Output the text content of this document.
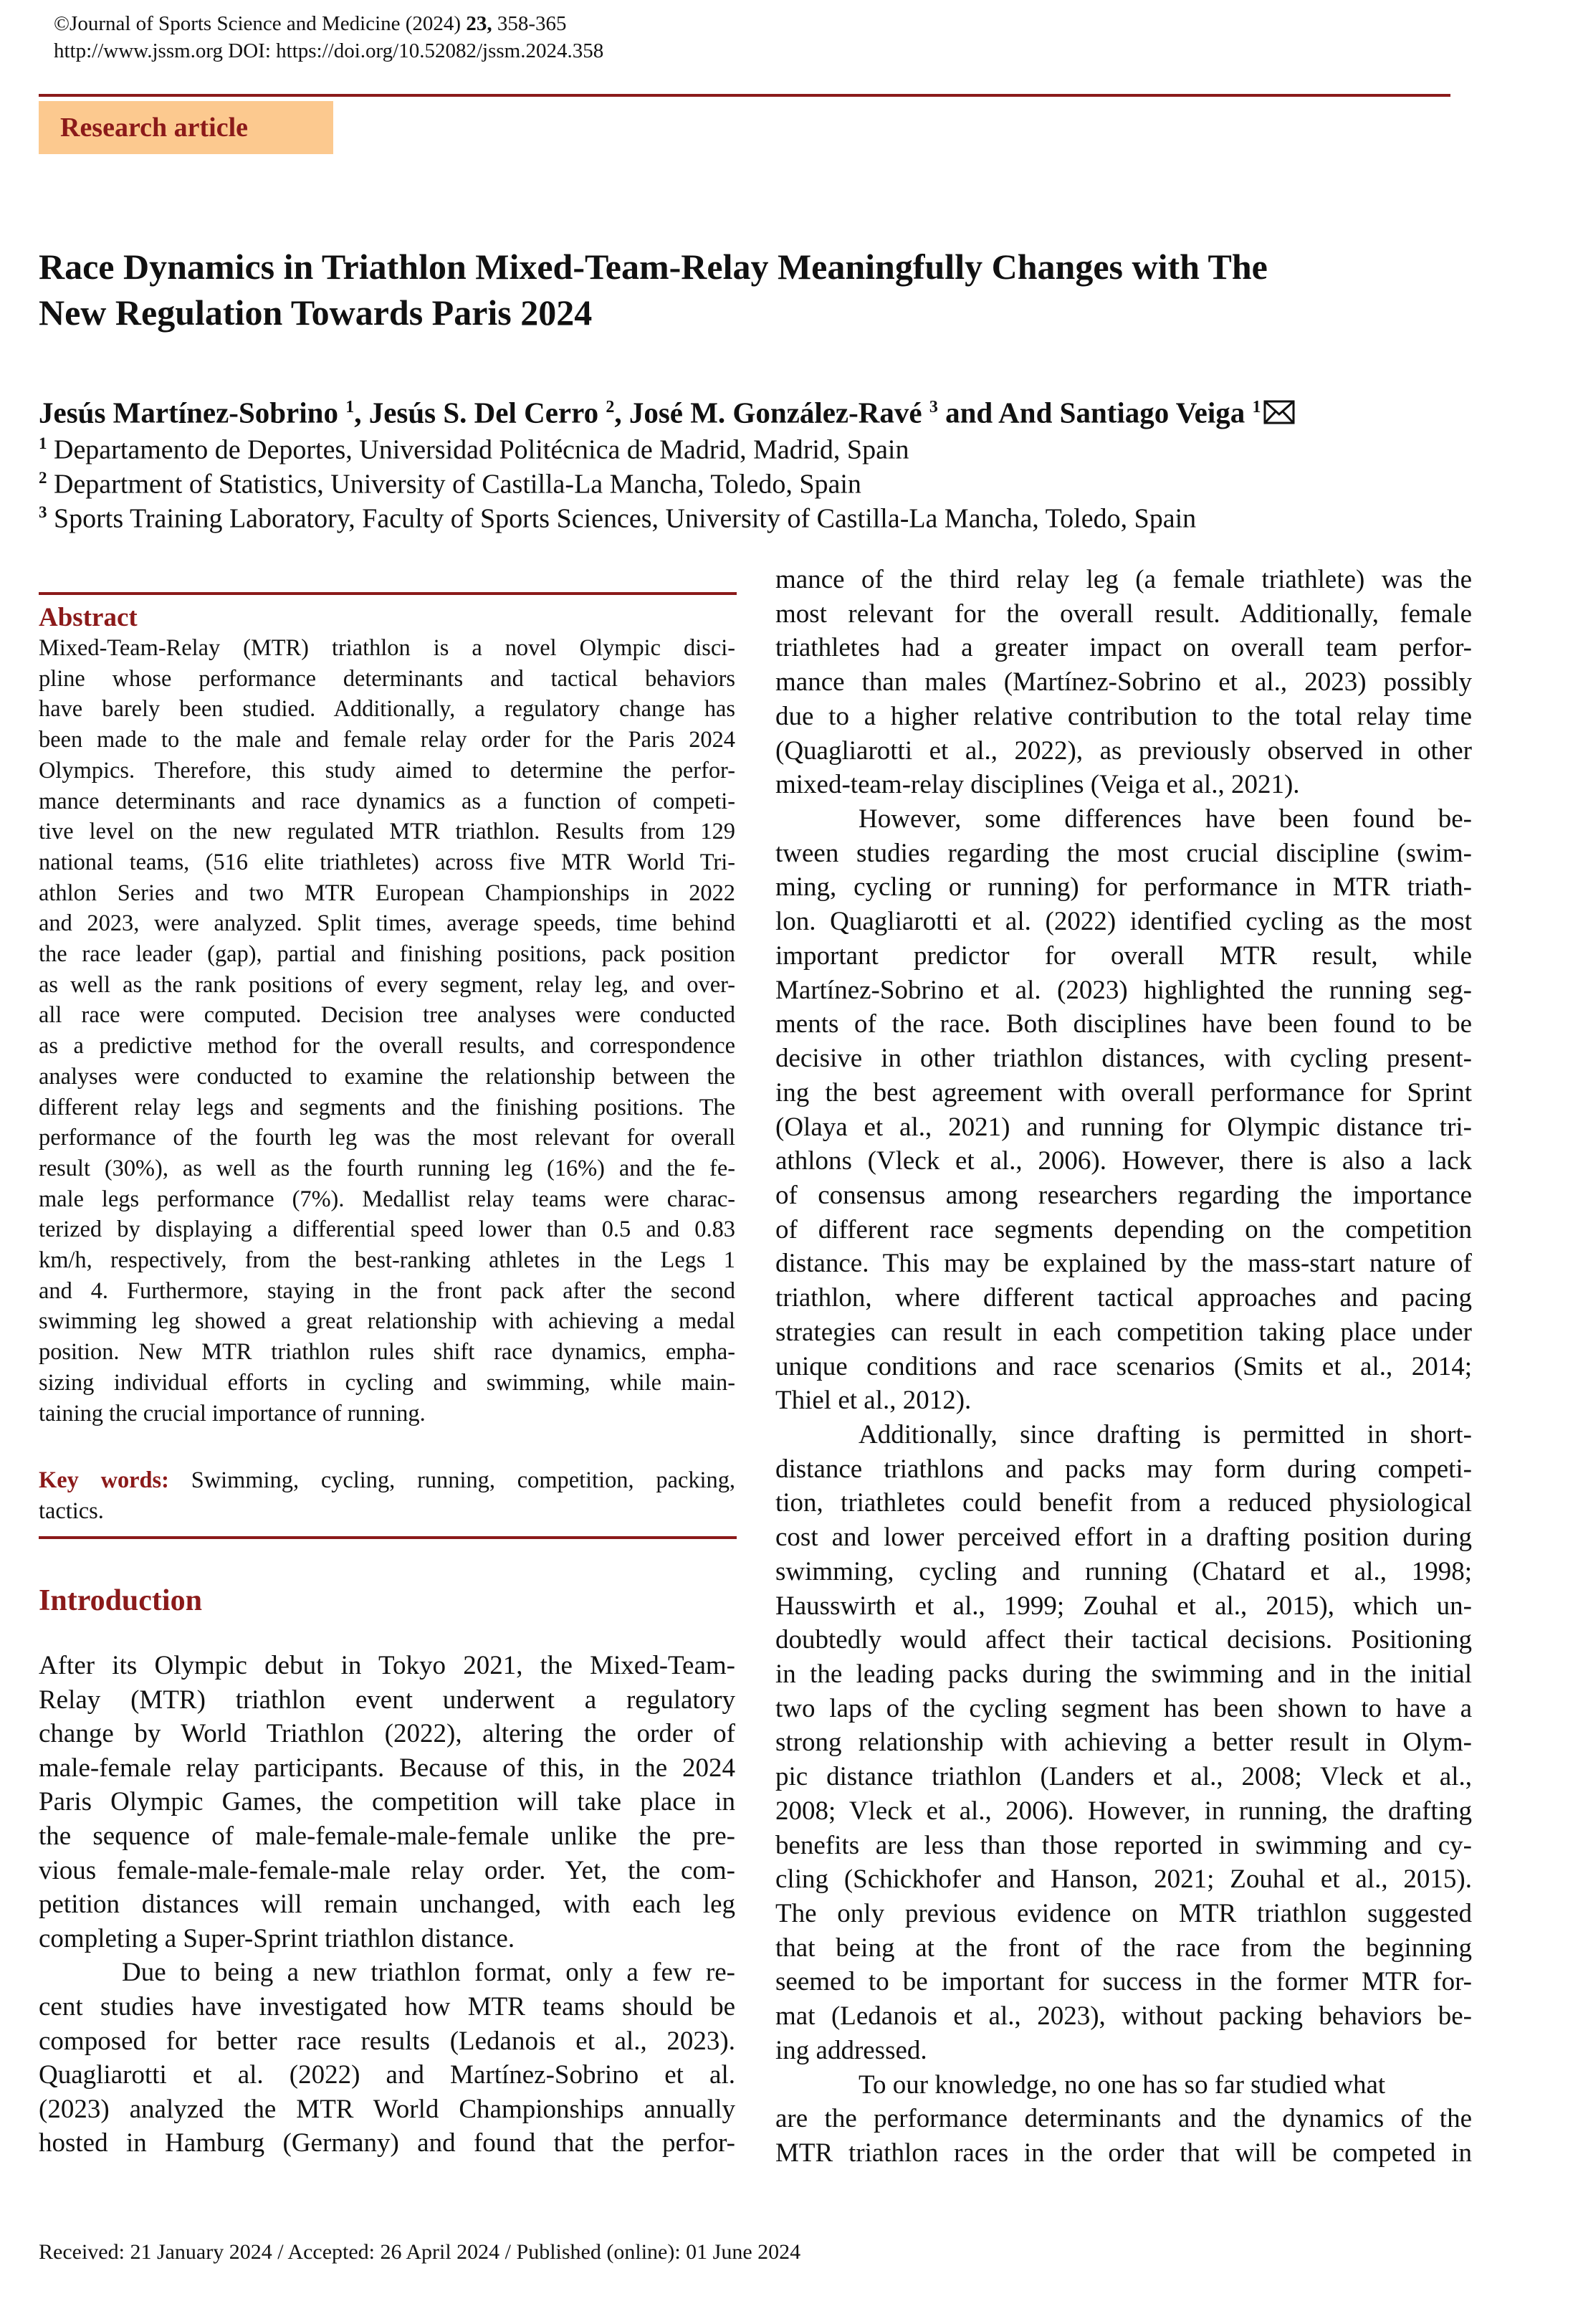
©Journal of Sports Science and Medicine (2024) 23, 358-365
http://www.jssm.org DOI: https://doi.org/10.52082/jssm.2024.358
Research article
Race Dynamics in Triathlon Mixed-Team-Relay Meaningfully Changes with The
New Regulation Towards Paris 2024
Jesús Martínez-Sobrino $^1$, Jesús S. Del Cerro $^2$, José M. González-Ravé $^3$ and And Santiago Veiga $^1$
$^1$ Departamento de Deportes, Universidad Politécnica de Madrid, Madrid, Spain
$^2$ Department of Statistics, University of Castilla-La Mancha, Toledo, Spain
$^3$ Sports Training Laboratory, Faculty of Sports Sciences, University of Castilla-La Mancha, Toledo, Spain
Abstract
Mixed-Team-Relay (MTR) triathlon is a novel Olympic disci-
pline whose performance determinants and tactical behaviors
have barely been studied. Additionally, a regulatory change has
been made to the male and female relay order for the Paris 2024
Olympics. Therefore, this study aimed to determine the perfor-
mance determinants and race dynamics as a function of competi-
tive level on the new regulated MTR triathlon. Results from 129
national teams, (516 elite triathletes) across five MTR World Tri-
athlon Series and two MTR European Championships in 2022
and 2023, were analyzed. Split times, average speeds, time behind
the race leader (gap), partial and finishing positions, pack position
as well as the rank positions of every segment, relay leg, and over-
all race were computed. Decision tree analyses were conducted
as a predictive method for the overall results, and correspondence
analyses were conducted to examine the relationship between the
different relay legs and segments and the finishing positions. The
performance of the fourth leg was the most relevant for overall
result (30%), as well as the fourth running leg (16%) and the fe-
male legs performance (7%). Medallist relay teams were charac-
terized by displaying a differential speed lower than 0.5 and 0.83
km/h, respectively, from the best-ranking athletes in the Legs 1
and 4. Furthermore, staying in the front pack after the second
swimming leg showed a great relationship with achieving a medal
position. New MTR triathlon rules shift race dynamics, empha-
sizing individual efforts in cycling and swimming, while main-
taining the crucial importance of running.
Key words: Swimming, cycling, running, competition, packing,
tactics.
Introduction
After its Olympic debut in Tokyo 2021, the Mixed-Team-
Relay (MTR) triathlon event underwent a regulatory
change by World Triathlon (2022), altering the order of
male-female relay participants. Because of this, in the 2024
Paris Olympic Games, the competition will take place in
the sequence of male-female-male-female unlike the pre-
vious female-male-female-male relay order. Yet, the com-
petition distances will remain unchanged, with each leg
completing a Super-Sprint triathlon distance.
Due to being a new triathlon format, only a few re-
cent studies have investigated how MTR teams should be
composed for better race results (Ledanois et al., 2023).
Quagliarotti et al. (2022) and Martínez-Sobrino et al.
(2023) analyzed the MTR World Championships annually
hosted in Hamburg (Germany) and found that the perfor-
mance of the third relay leg (a female triathlete) was the
most relevant for the overall result. Additionally, female
triathletes had a greater impact on overall team perfor-
mance than males (Martínez-Sobrino et al., 2023) possibly
due to a higher relative contribution to the total relay time
(Quagliarotti et al., 2022), as previously observed in other
mixed-team-relay disciplines (Veiga et al., 2021).
However, some differences have been found be-
tween studies regarding the most crucial discipline (swim-
ming, cycling or running) for performance in MTR triath-
lon. Quagliarotti et al. (2022) identified cycling as the most
important predictor for overall MTR result, while
Martínez-Sobrino et al. (2023) highlighted the running seg-
ments of the race. Both disciplines have been found to be
decisive in other triathlon distances, with cycling present-
ing the best agreement with overall performance for Sprint
(Olaya et al., 2021) and running for Olympic distance tri-
athlons (Vleck et al., 2006). However, there is also a lack
of consensus among researchers regarding the importance
of different race segments depending on the competition
distance. This may be explained by the mass-start nature of
triathlon, where different tactical approaches and pacing
strategies can result in each competition taking place under
unique conditions and race scenarios (Smits et al., 2014;
Thiel et al., 2012).
Additionally, since drafting is permitted in short-
distance triathlons and packs may form during competi-
tion, triathletes could benefit from a reduced physiological
cost and lower perceived effort in a drafting position during
swimming, cycling and running (Chatard et al., 1998;
Hausswirth et al., 1999; Zouhal et al., 2015), which un-
doubtedly would affect their tactical decisions. Positioning
in the leading packs during the swimming and in the initial
two laps of the cycling segment has been shown to have a
strong relationship with achieving a better result in Olym-
pic distance triathlon (Landers et al., 2008; Vleck et al.,
2008; Vleck et al., 2006). However, in running, the drafting
benefits are less than those reported in swimming and cy-
cling (Schickhofer and Hanson, 2021; Zouhal et al., 2015).
The only previous evidence on MTR triathlon suggested
that being at the front of the race from the beginning
seemed to be important for success in the former MTR for-
mat (Ledanois et al., 2023), without packing behaviors be-
ing addressed.
To our knowledge, no one has so far studied what
are the performance determinants and the dynamics of the
MTR triathlon races in the order that will be competed in
Received: 21 January 2024 / Accepted: 26 April 2024 / Published (online): 01 June 2024
